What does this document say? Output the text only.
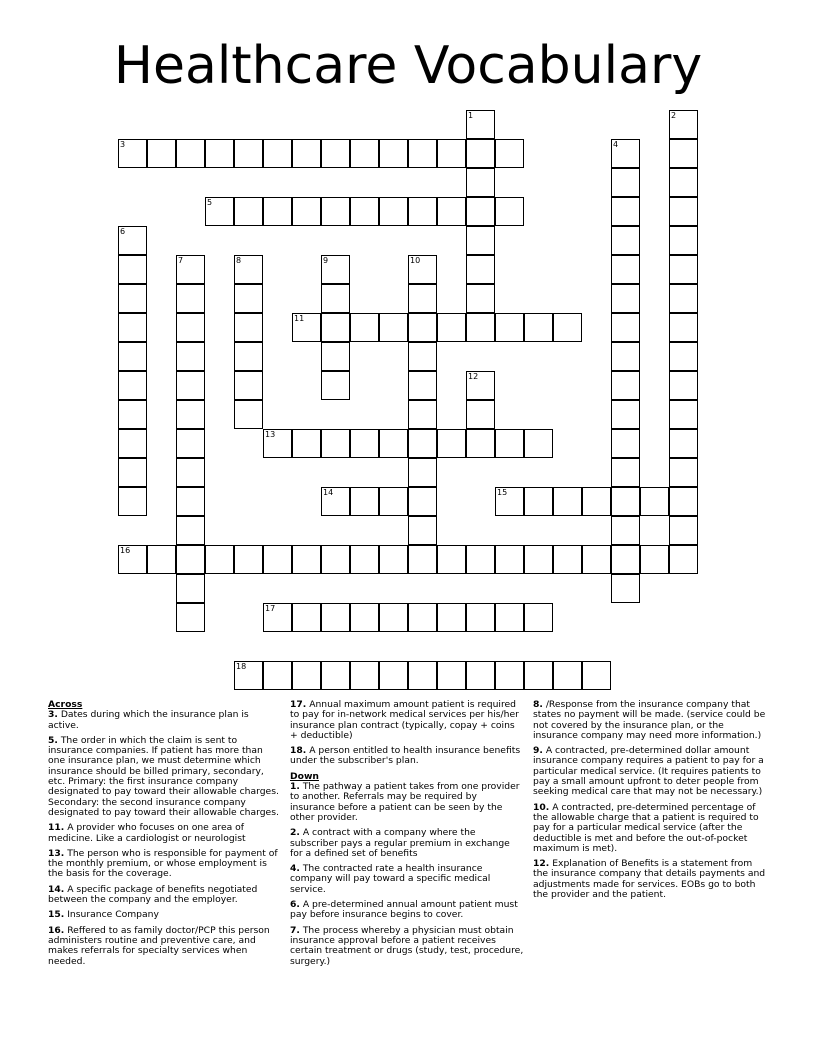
Healthcare Vocabulary
1	2
3	4
5
6
7	8	9	10
11
12
13
14	15
16
17
18

Across

3. Dates during which the insurance plan is active.

5. The order in which the claim is sent to insurance companies. If patient has more than one insurance plan, we must determine which insurance should be billed primary, secondary, etc. Primary: the first insurance company designated to pay toward their allowable charges. Secondary: the second insurance company designated to pay toward their allowable charges.

11. A provider who focuses on one area of medicine. Like a cardiologist or neurologist

13. The person who is responsible for payment of the monthly premium, or whose employment is the basis for the coverage.

14. A specific package of benefits negotiated between the company and the employer.

15. Insurance Company

16. Reffered to as family doctor/PCP this person administers routine and preventive care, and makes referrals for specialty services when needed.

17. Annual maximum amount patient is required to pay for in-network medical services per his/her insurance plan contract (typically, copay + coins + deductible)

18. A person entitled to health insurance benefits under the subscriber's plan.

Down

1. The pathway a patient takes from one provider to another. Referrals may be required by insurance before a patient can be seen by the other provider.

2. A contract with a company where the subscriber pays a regular premium in exchange for a defined set of benefits

4. The contracted rate a health insurance company will pay toward a specific medical service.

6. A pre-determined annual amount patient must pay before insurance begins to cover.

7. The process whereby a physician must obtain insurance approval before a patient receives certain treatment or drugs (study, test, procedure, surgery.)

8. /Response from the insurance company that states no payment will be made. (service could be not covered by the insurance plan, or the insurance company may need more information.)

9. A contracted, pre-determined dollar amount insurance company requires a patient to pay for a particular medical service. (It requires patients to pay a small amount upfront to deter people from seeking medical care that may not be necessary.)

10. A contracted, pre-determined percentage of the allowable charge that a patient is required to pay for a particular medical service (after the deductible is met and before the out-of-pocket maximum is met).

12. Explanation of Benefits is a statement from the insurance company that details payments and adjustments made for services. EOBs go to both the provider and the patient.
